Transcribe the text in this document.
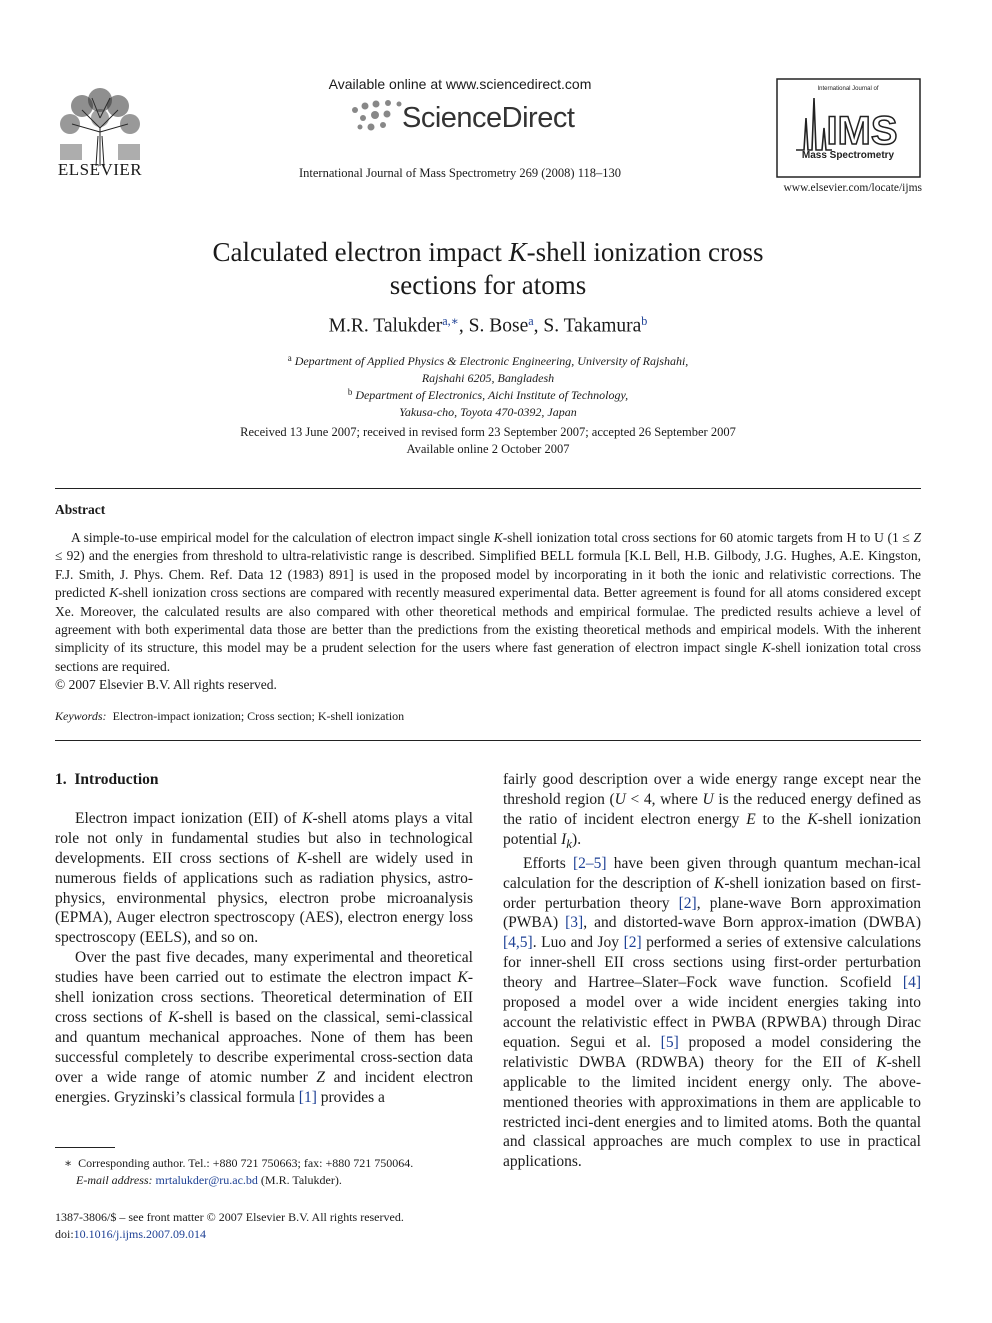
ELSEVIER
Available online at www.sciencedirect.com
ScienceDirect
International Journal of Mass Spectrometry 269 (2008) 118–130
International Journal of
IMS
Mass Spectrometry
www.elsevier.com/locate/ijms
Calculated electron impact K-shell ionization cross
sections for atoms
M.R. Talukder$^{a,∗}$, S. Bose$^a$, S. Takamura$^b$
$^a$ Department of Applied Physics & Electronic Engineering, University of Rajshahi,
Rajshahi 6205, Bangladesh
$^b$ Department of Electronics, Aichi Institute of Technology,
Yakusa-cho, Toyota 470-0392, Japan
Received 13 June 2007; received in revised form 23 September 2007; accepted 26 September 2007
Available online 2 October 2007
Abstract
A simple-to-use empirical model for the calculation of electron impact single K-shell ionization total cross sections for 60 atomic targets from H to U (1 ≤ Z ≤ 92) and the energies from threshold to ultra-relativistic range is described. Simplified BELL formula [K.L Bell, H.B. Gilbody, J.G. Hughes, A.E. Kingston, F.J. Smith, J. Phys. Chem. Ref. Data 12 (1983) 891] is used in the proposed model by incorporating in it both the ionic and relativistic corrections. The predicted K-shell ionization cross sections are compared with recently measured experimental data. Better agreement is found for all atoms considered except Xe. Moreover, the calculated results are also compared with other theoretical methods and empirical formulae. The predicted results achieve a level of agreement with both experimental data those are better than the predictions from the existing theoretical methods and empirical models. With the inherent simplicity of its structure, this model may be a prudent selection for the users where fast generation of electron impact single K-shell ionization total cross sections are required.
© 2007 Elsevier B.V. All rights reserved.
Keywords: Electron-impact ionization; Cross section; K-shell ionization

1. Introduction

Electron impact ionization (EII) of K-shell atoms plays a vital role not only in fundamental studies but also in technological developments. EII cross sections of K-shell are widely used in numerous fields of applications such as radiation physics, astro-physics, environmental physics, electron probe microanalysis (EPMA), Auger electron spectroscopy (AES), electron energy loss spectroscopy (EELS), and so on.

Over the past five decades, many experimental and theoretical studies have been carried out to estimate the electron impact K-shell ionization cross sections. Theoretical determination of EII cross sections of K-shell is based on the classical, semi-classical and quantum mechanical approaches. None of them has been successful completely to describe experimental cross-section data over a wide range of atomic number Z and incident electron energies. Gryzinski’s classical formula [1] provides a

fairly good description over a wide energy range except near the threshold region (U < 4, where U is the reduced energy defined as the ratio of incident electron energy E to the K-shell ionization potential $I_k$).

Efforts [2–5] have been given through quantum mechan-ical calculation for the description of K-shell ionization based on first-order perturbation theory [2], plane-wave Born approximation (PWBA) [3], and distorted-wave Born approx-imation (DWBA) [4,5]. Luo and Joy [2] performed a series of extensive calculations for inner-shell EII cross sections using first-order perturbation theory and Hartree–Slater–Fock wave function. Scofield [4] proposed a model over a wide incident energies taking into account the relativistic effect in PWBA (RPWBA) through Dirac equation. Segui et al. [5] proposed a model considering the relativistic DWBA (RDWBA) theory for the EII of K-shell applicable to the limited incident energy only. The above-mentioned theories with approximations in them are applicable to restricted inci-dent energies and to limited atoms. Both the quantal and classical approaches are much complex to use in practical applications.

∗ Corresponding author. Tel.: +880 721 750663; fax: +880 721 750064.
E-mail address: mrtalukder@ru.ac.bd (M.R. Talukder).
1387-3806/$ – see front matter © 2007 Elsevier B.V. All rights reserved.
doi:10.1016/j.ijms.2007.09.014
